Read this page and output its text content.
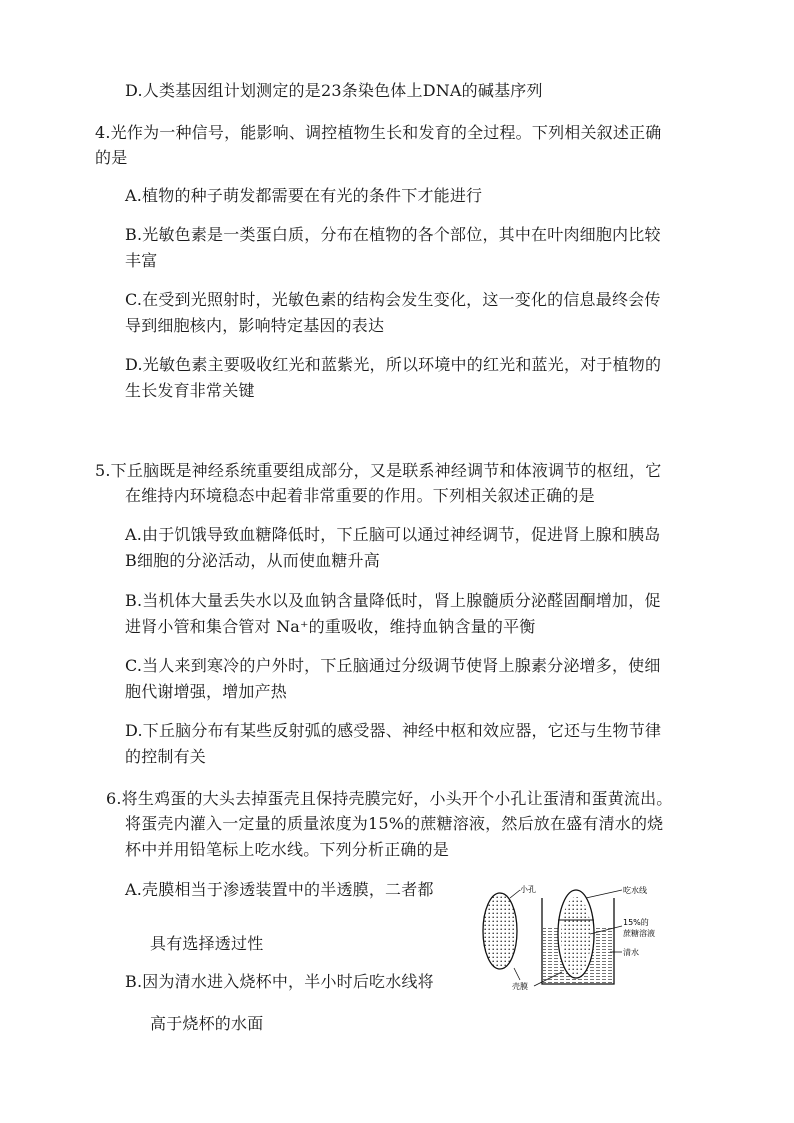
D.人类基因组计划测定的是23条染色体上DNA的碱基序列
4.光作为一种信号，能影响、调控植物生长和发育的全过程。下列相关叙述正确
的是
A.植物的种子萌发都需要在有光的条件下才能进行
B.光敏色素是一类蛋白质，分布在植物的各个部位，其中在叶肉细胞内比较
丰富
C.在受到光照射时，光敏色素的结构会发生变化，这一变化的信息最终会传
导到细胞核内，影响特定基因的表达
D.光敏色素主要吸收红光和蓝紫光，所以环境中的红光和蓝光，对于植物的
生长发育非常关键
5.下丘脑既是神经系统重要组成部分，又是联系神经调节和体液调节的枢纽，它
在维持内环境稳态中起着非常重要的作用。下列相关叙述正确的是
A.由于饥饿导致血糖降低时，下丘脑可以通过神经调节，促进肾上腺和胰岛
B细胞的分泌活动，从而使血糖升高
B.当机体大量丢失水以及血钠含量降低时，肾上腺髓质分泌醛固酮增加，促
进肾小管和集合管对 Na⁺的重吸收，维持血钠含量的平衡
C.当人来到寒冷的户外时，下丘脑通过分级调节使肾上腺素分泌增多，使细
胞代谢增强，增加产热
D.下丘脑分布有某些反射弧的感受器、神经中枢和效应器，它还与生物节律
的控制有关
6.将生鸡蛋的大头去掉蛋壳且保持壳膜完好，小头开个小孔让蛋清和蛋黄流出。
将蛋壳内灌入一定量的质量浓度为15%的蔗糖溶液，然后放在盛有清水的烧
杯中并用铅笔标上吃水线。下列分析正确的是
A.壳膜相当于渗透装置中的半透膜，二者都
具有选择透过性
B.因为清水进入烧杯中，半小时后吃水线将
高于烧杯的水面
小孔	吃水线
15%的
蔗糖溶液
清水
壳膜
